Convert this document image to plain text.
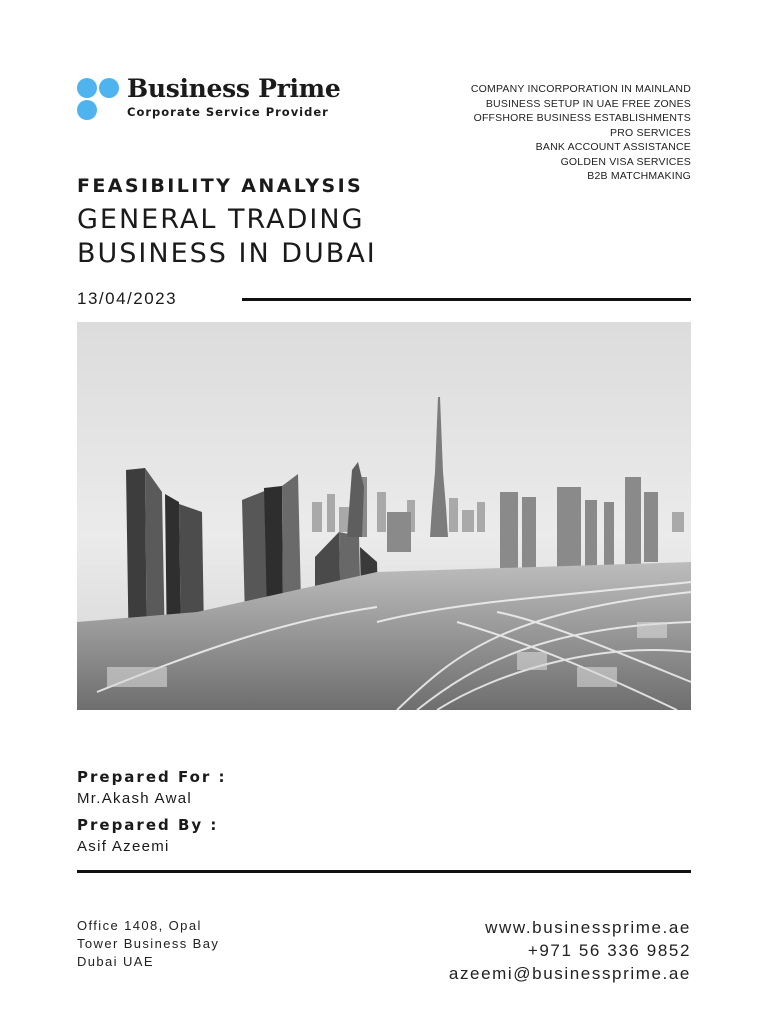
Business Prime
Corporate Service Provider
COMPANY INCORPORATION IN MAINLAND
BUSINESS SETUP IN UAE FREE ZONES
OFFSHORE BUSINESS ESTABLISHMENTS
PRO SERVICES
BANK ACCOUNT ASSISTANCE
GOLDEN VISA SERVICES
B2B MATCHMAKING
FEASIBILITY ANALYSIS
GENERAL TRADING
BUSINESS IN DUBAI
13/04/2023
Prepared For :
Mr.Akash Awal
Prepared By :
Asif Azeemi
Office 1408, Opal
Tower Business Bay
Dubai UAE
www.businessprime.ae
+971 56 336 9852
azeemi@businessprime.ae
